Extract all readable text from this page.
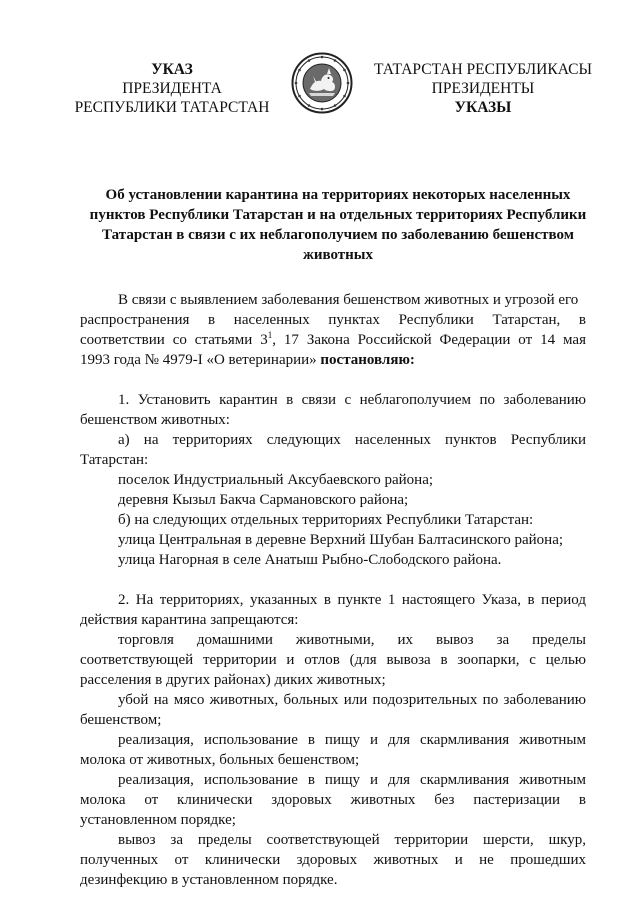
УКАЗ
ПРЕЗИДЕНТА
РЕСПУБЛИКИ ТАТАРСТАН
ТАТАРСТАН РЕСПУБЛИКАСЫ
ПРЕЗИДЕНТЫ
УКАЗЫ
Об установлении карантина на территориях некоторых населенных
пунктов Республики Татарстан и на отдельных территориях Республики
Татарстан в связи с их неблагополучием по заболеванию бешенством
животных
В связи с выявлением заболевания бешенством животных и угрозой его
распространения в населенных пунктах Республики Татарстан, в
соответствии со статьями $3^1$, 17 Закона Российской Федерации от 14 мая
1993 года № 4979-I «О ветеринарии» постановляю:
1. Установить карантин в связи с неблагополучием по заболеванию
бешенством животных:
а) на территориях следующих населенных пунктов Республики
Татарстан:
поселок Индустриальный Аксубаевского района;
деревня Кызыл Бакча Сармановского района;
б) на следующих отдельных территориях Республики Татарстан:
улица Центральная в деревне Верхний Шубан Балтасинского района;
улица Нагорная в селе Анатыш Рыбно-Слободского района.
2. На территориях, указанных в пункте 1 настоящего Указа, в период
действия карантина запрещаются:
торговля домашними животными, их вывоз за пределы
соответствующей территории и отлов (для вывоза в зоопарки, с целью
расселения в других районах) диких животных;
убой на мясо животных, больных или подозрительных по заболеванию
бешенством;
реализация, использование в пищу и для скармливания животным
молока от животных, больных бешенством;
реализация, использование в пищу и для скармливания животным
молока от клинически здоровых животных без пастеризации в
установленном порядке;
вывоз за пределы соответствующей территории шерсти, шкур,
полученных от клинически здоровых животных и не прошедших
дезинфекцию в установленном порядке.
